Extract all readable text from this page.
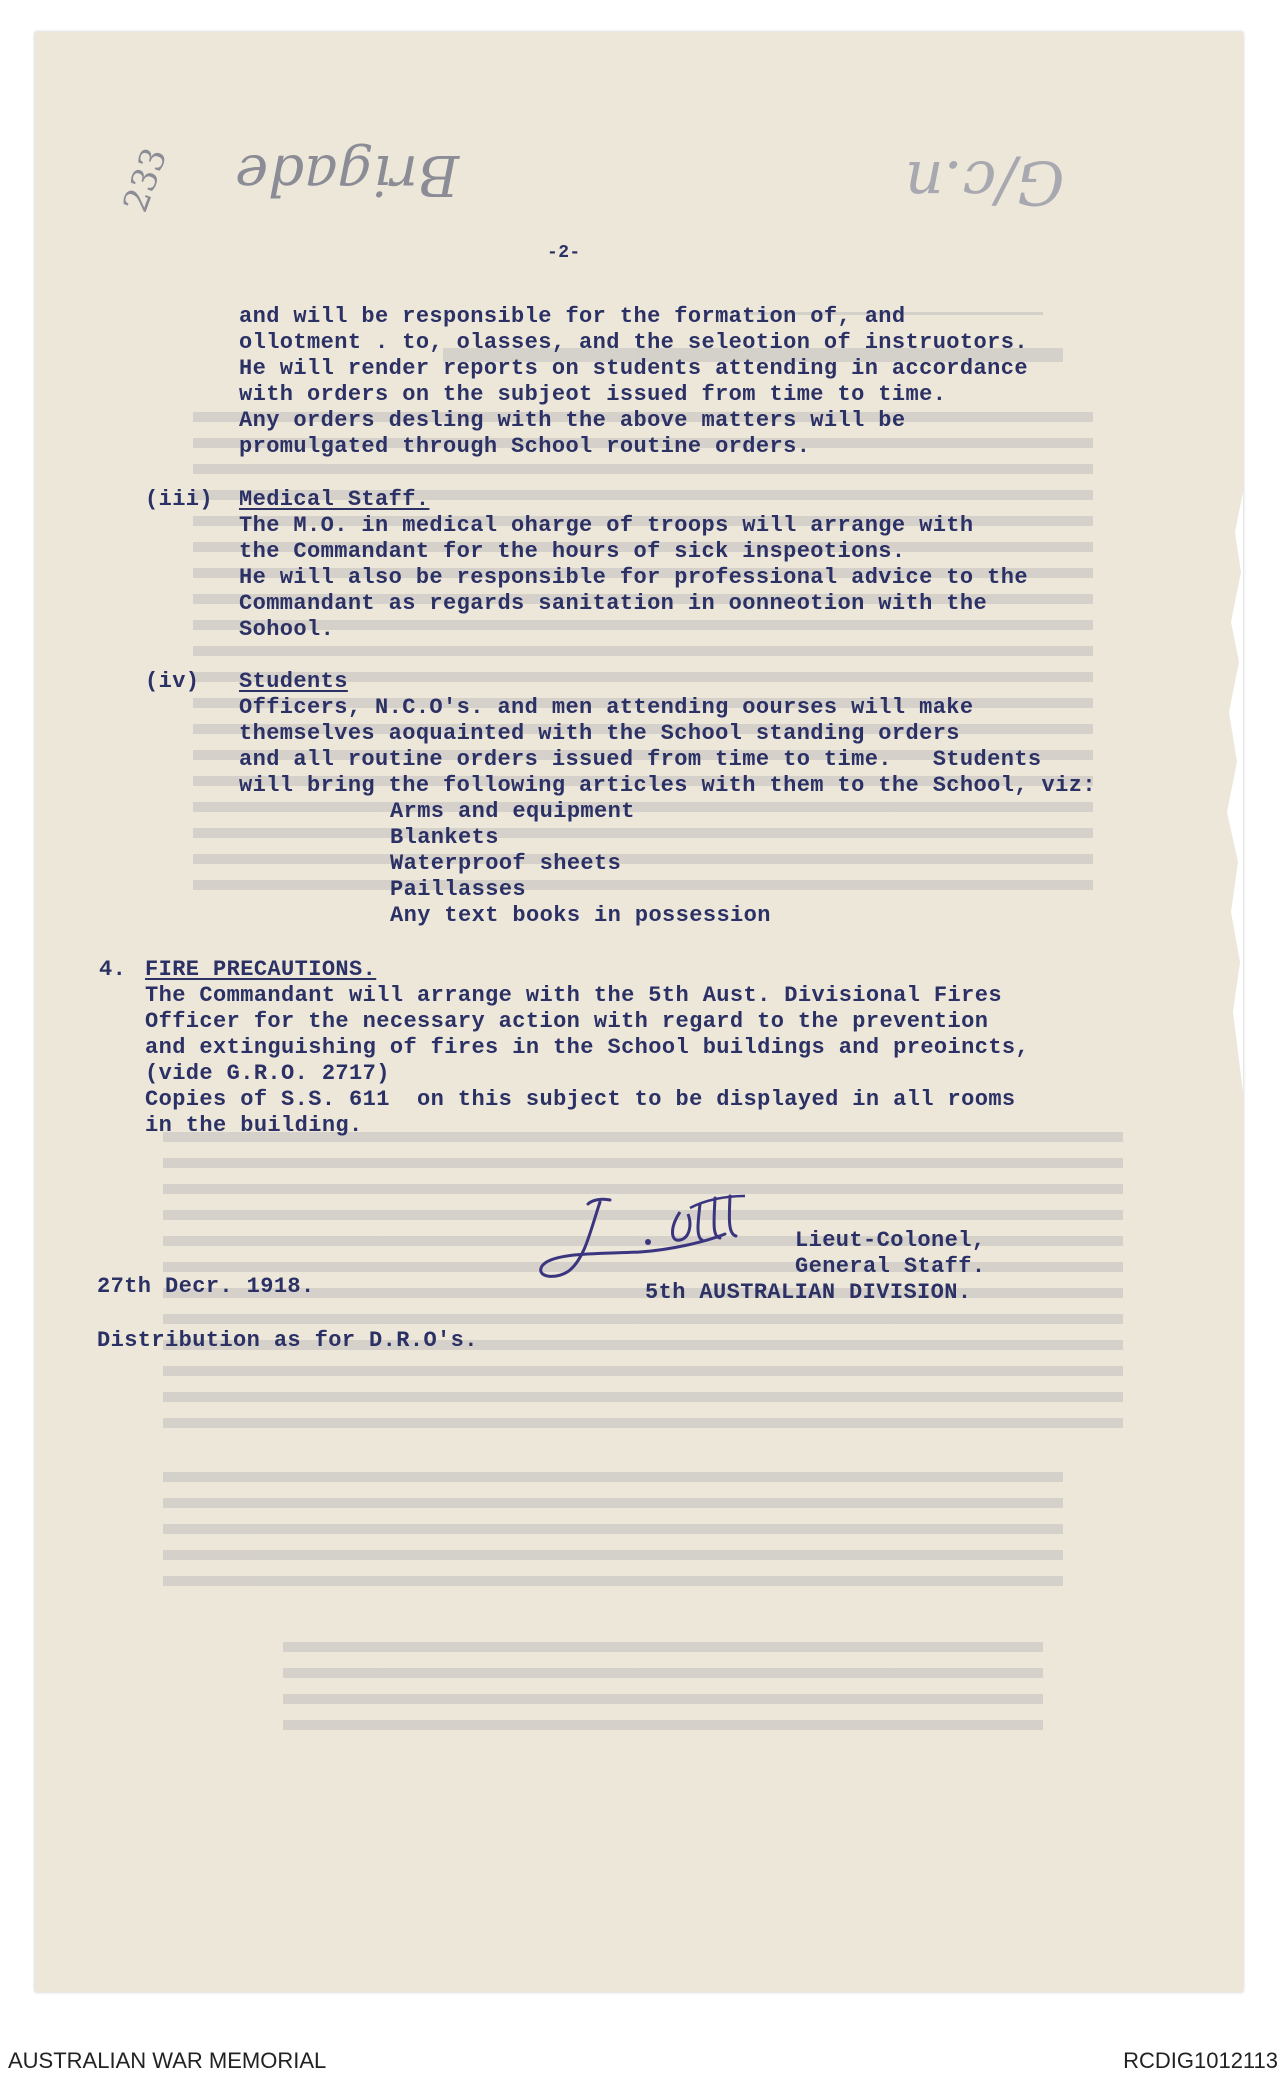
233 Brigade	G/c.n
-2-
and will be responsible for the formation of, and
ollotment . to, olasses, and the seleotion of instruotors.
He will render reports on students attending in accordance
with orders on the subjeot issued from time to time.
Any orders desling with the above matters will be
promulgated through School routine orders.
(iii) Medical Staff.
The M.O. in medical oharge of troops will arrange with
the Commandant for the hours of sick inspeotions.
He will also be responsible for professional advice to the
Commandant as regards sanitation in oonneotion with the
Sohool.
(iv) Students
Officers, N.C.O's. and men attending oourses will make
themselves aoquainted with the School standing orders
and all routine orders issued from time to time.   Students
will bring the following articles with them to the School, viz:
Arms and equipment
Blankets
Waterproof sheets
Paillasses
Any text books in possession
4. FIRE PRECAUTIONS.
The Commandant will arrange with the 5th Aust. Divisional Fires
Officer for the necessary action with regard to the prevention
and extinguishing of fires in the School buildings and preoincts,
(vide G.R.O. 2717)
Copies of S.S. 611  on this subject to be displayed in all rooms
in the building.
Lieut-Colonel,
General Staff.
5th AUSTRALIAN DIVISION.
27th Decr. 1918.
Distribution as for D.R.O's.
AUSTRALIAN WAR MEMORIAL	RCDIG1012113
